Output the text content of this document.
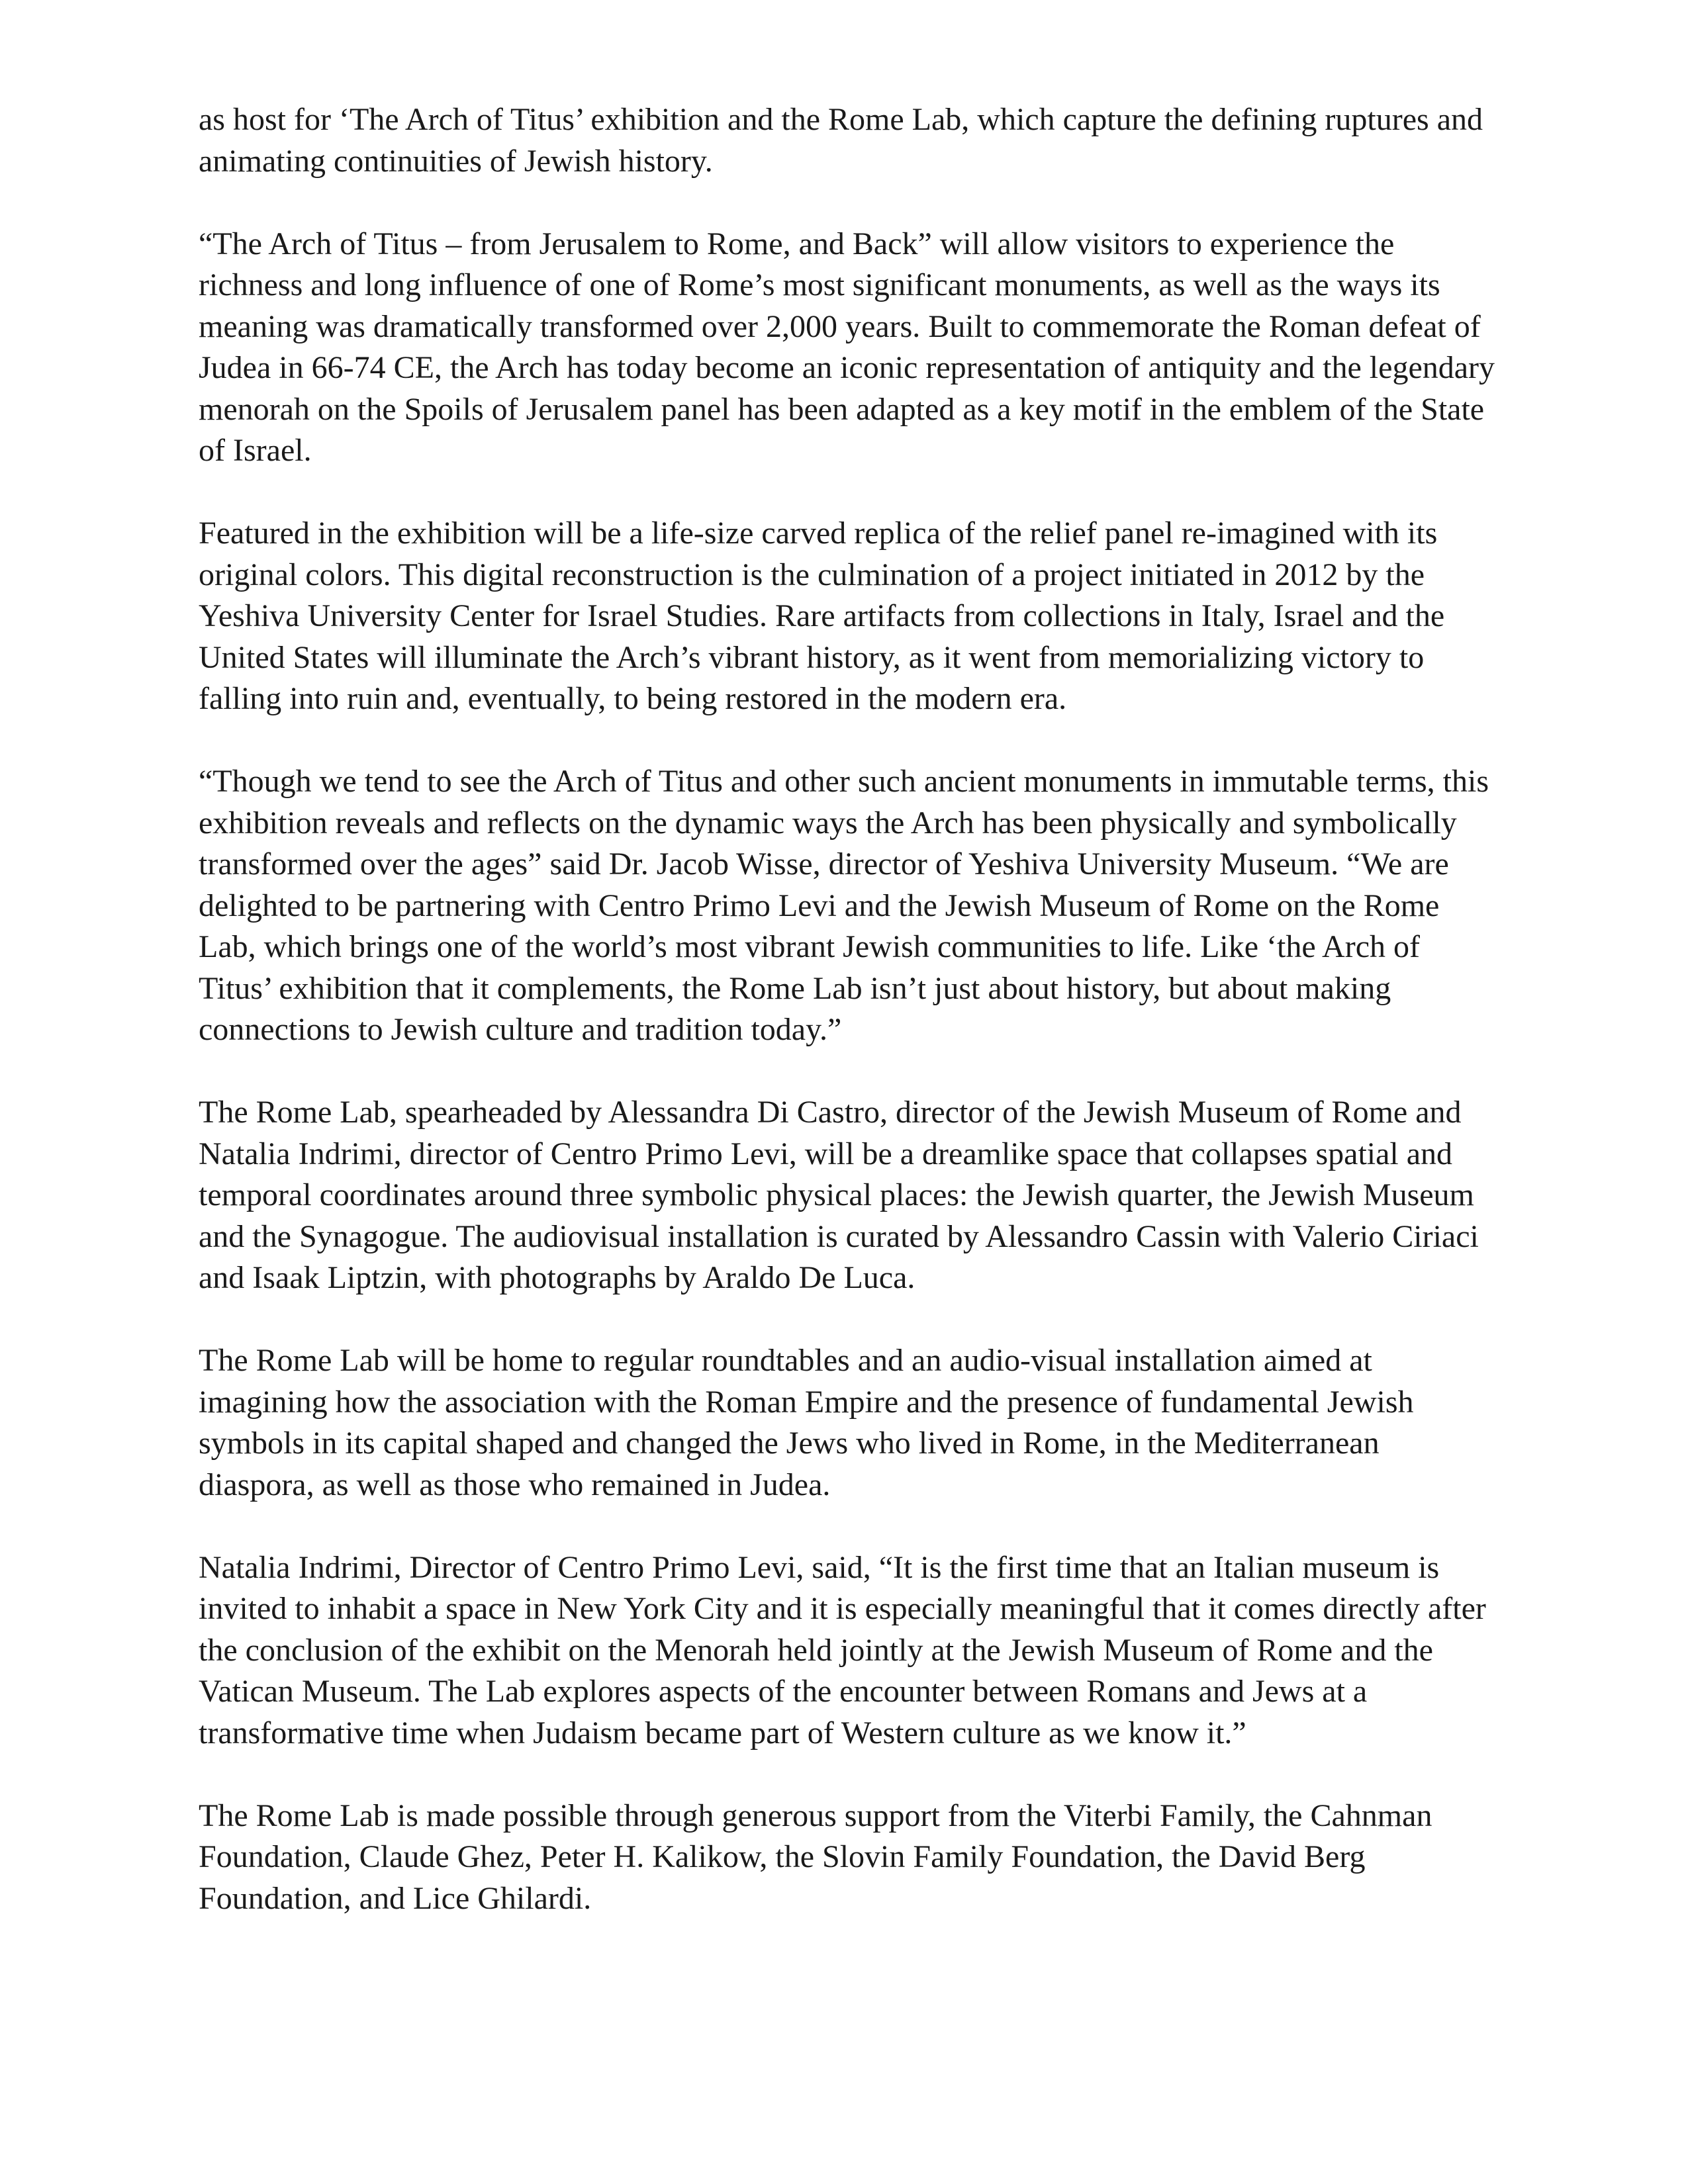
as host for ‘The Arch of Titus’ exhibition and the Rome Lab, which capture the defining ruptures and animating continuities of Jewish history.

“The Arch of Titus – from Jerusalem to Rome, and Back” will allow visitors to experience the richness and long influence of one of Rome’s most significant monuments, as well as the ways its meaning was dramatically transformed over 2,000 years. Built to commemorate the Roman defeat of Judea in 66-74 CE, the Arch has today become an iconic representation of antiquity and the legendary menorah on the Spoils of Jerusalem panel has been adapted as a key motif in the emblem of the State of Israel.

Featured in the exhibition will be a life-size carved replica of the relief panel re-imagined with its original colors. This digital reconstruction is the culmination of a project initiated in 2012 by the Yeshiva University Center for Israel Studies. Rare artifacts from collections in Italy, Israel and the United States will illuminate the Arch’s vibrant history, as it went from memorializing victory to falling into ruin and, eventually, to being restored in the modern era.

“Though we tend to see the Arch of Titus and other such ancient monuments in immutable terms, this exhibition reveals and reflects on the dynamic ways the Arch has been physically and symbolically transformed over the ages” said Dr. Jacob Wisse, director of Yeshiva University Museum. “We are delighted to be partnering with Centro Primo Levi and the Jewish Museum of Rome on the Rome Lab, which brings one of the world’s most vibrant Jewish communities to life. Like ‘the Arch of Titus’ exhibition that it complements, the Rome Lab isn’t just about history, but about making connections to Jewish culture and tradition today.”

The Rome Lab, spearheaded by Alessandra Di Castro, director of the Jewish Museum of Rome and Natalia Indrimi, director of Centro Primo Levi, will be a dreamlike space that collapses spatial and temporal coordinates around three symbolic physical places: the Jewish quarter, the Jewish Museum and the Synagogue. The audiovisual installation is curated by Alessandro Cassin with Valerio Ciriaci and Isaak Liptzin, with photographs by Araldo De Luca.

The Rome Lab will be home to regular roundtables and an audio-visual installation aimed at imagining how the association with the Roman Empire and the presence of fundamental Jewish symbols in its capital shaped and changed the Jews who lived in Rome, in the Mediterranean diaspora, as well as those who remained in Judea.

Natalia Indrimi, Director of Centro Primo Levi, said, “It is the first time that an Italian museum is invited to inhabit a space in New York City and it is especially meaningful that it comes directly after the conclusion of the exhibit on the Menorah held jointly at the Jewish Museum of Rome and the Vatican Museum. The Lab explores aspects of the encounter between Romans and Jews at a transformative time when Judaism became part of Western culture as we know it.”

The Rome Lab is made possible through generous support from the Viterbi Family, the Cahnman Foundation, Claude Ghez, Peter H. Kalikow, the Slovin Family Foundation, the David Berg Foundation, and Lice Ghilardi.
